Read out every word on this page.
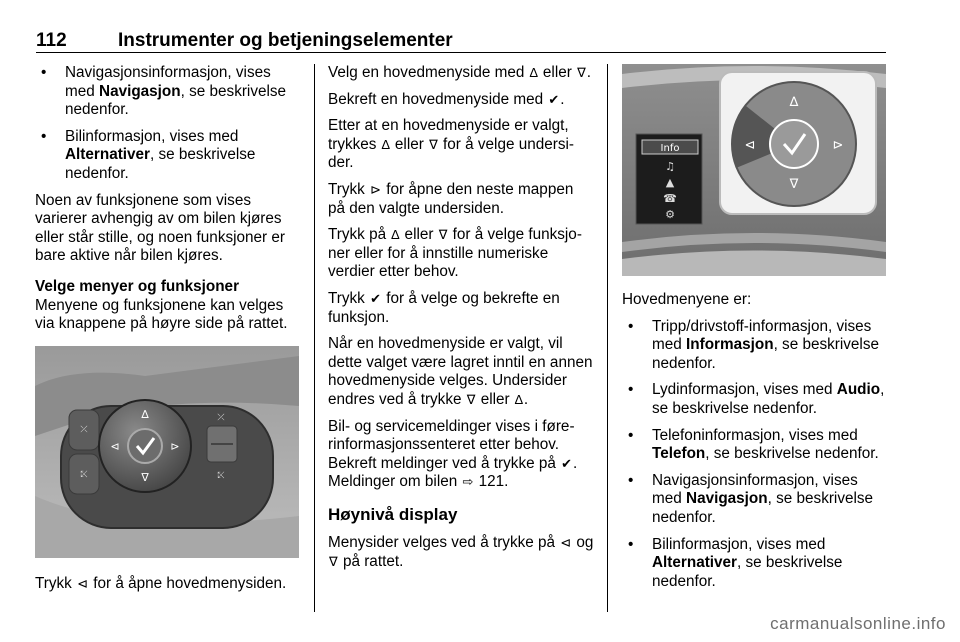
112	Instrumenter og betjeningselementer
• Navigasjonsinformasjon, vises med Navigasjon, se beskrivelse nedenfor.
• Bilinformasjon, vises med Alternativer, se beskrivelse nedenfor.

Noen av funksjonene som vises varierer avhengig av om bilen kjøres eller står stille, og noen funksjoner er bare aktive når bilen kjøres.

Velge menyer og funksjoner

Menyene og funksjonene kan velges via knappene på høyre side på rattet.

⤫
⤪
∆
∇
⊲	⊳
⤫
⤪

Trykk ⊲ for å åpne hovedmenysiden.

Velg en hovedmenyside med ∆ eller ∇.

Bekreft en hovedmenyside med ✔.

Etter at en hovedmenyside er valgt, trykkes ∆ eller ∇ for å velge undersider.

Trykk ⊳ for åpne den neste mappen på den valgte undersiden.

Trykk på ∆ eller ∇ for å velge funksjoner eller for å innstille numeriske verdier etter behov.

Trykk ✔ for å velge og bekrefte en funksjon.

Når en hovedmenyside er valgt, vil dette valget være lagret inntil en annen hovedmenyside velges. Undersider endres ved å trykke ∇ eller ∆.

Bil- og servicemeldinger vises i førerinformasjonssenteret etter behov. Bekreft meldinger ved å trykke på ✔. Meldinger om bilen ⇨ 121.

Høynivå display

Menysider velges ved å trykke på ⊲ og ∇ på rattet.

Info
♫
▲
☎
⚙
∆
∇
⊲	⊳

Hovedmenyene er:

• Tripp/drivstoff-informasjon, vises med Informasjon, se beskrivelse nedenfor.
• Lydinformasjon, vises med Audio, se beskrivelse nedenfor.
• Telefoninformasjon, vises med Telefon, se beskrivelse nedenfor.
• Navigasjonsinformasjon, vises med Navigasjon, se beskrivelse nedenfor.
• Bilinformasjon, vises med Alternativer, se beskrivelse nedenfor.
carmanualsonline.info
